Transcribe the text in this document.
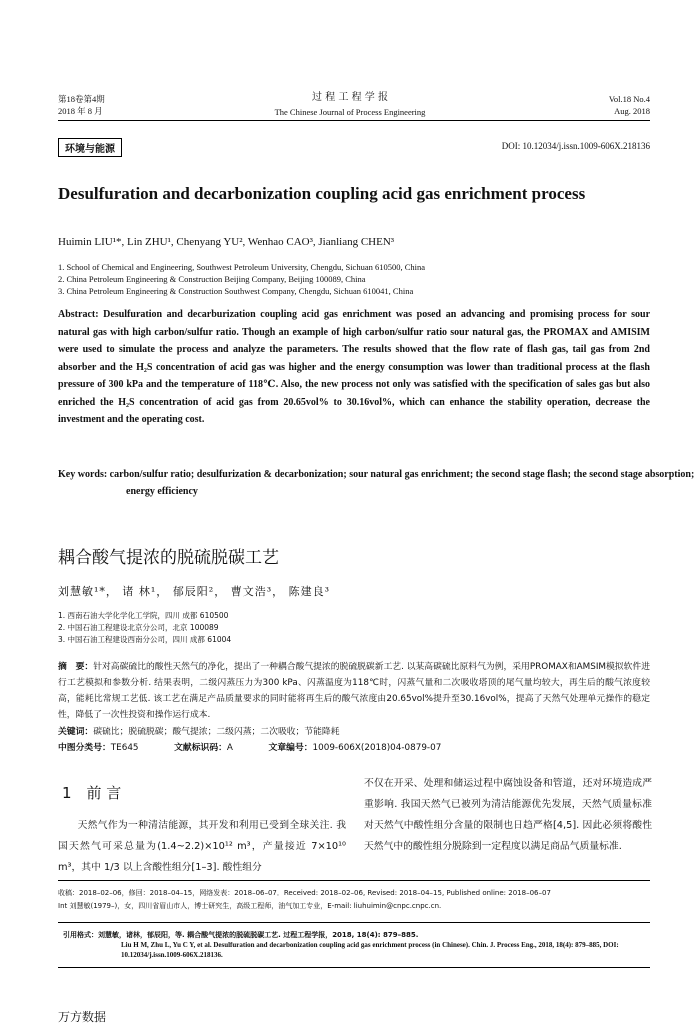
第18卷第4期
2018 年 8 月
过 程 工 程 学 报
The Chinese Journal of Process Engineering
Vol.18 No.4
Aug. 2018
环境与能源	DOI: 10.12034/j.issn.1009-606X.218136
Desulfuration and decarbonization coupling acid gas enrichment process
Huimin LIU¹*, Lin ZHU¹, Chenyang YU², Wenhao CAO³, Jianliang CHEN³
1. School of Chemical and Engineering, Southwest Petroleum University, Chengdu, Sichuan 610500, China
2. China Petroleum Engineering & Construction Beijing Company, Beijing 100089, China
3. China Petroleum Engineering & Construction Southwest Company, Chengdu, Sichuan 610041, China
Abstract: Desulfuration and decarburization coupling acid gas enrichment was posed an advancing and promising process for sour natural gas with high carbon/sulfur ratio. Though an example of high carbon/sulfur ratio sour natural gas, the PROMAX and AMISIM were used to simulate the process and analyze the parameters. The results showed that the flow rate of flash gas, tail gas from 2nd absorber and the H₂S concentration of acid gas was higher and the energy consumption was lower than traditional process at the flash pressure of 300 kPa and the temperature of 118℃. Also, the new process not only was satisfied with the specification of sales gas but also enriched the H₂S concentration of acid gas from 20.65vol% to 30.16vol%, which can enhance the stability operation, decrease the investment and the operating cost.
Key words: carbon/sulfur ratio; desulfurization & decarbonization; sour natural gas enrichment; the second stage flash; the second stage absorption; energy efficiency
耦合酸气提浓的脱硫脱碳工艺
刘慧敏¹*， 诸 林¹， 郁辰阳²， 曹文浩³， 陈建良³
1. 西南石油大学化学化工学院，四川 成都 610500
2. 中国石油工程建设北京分公司，北京 100089
3. 中国石油工程建设西南分公司，四川 成都 61004
摘　要：针对高碳硫比的酸性天然气的净化，提出了一种耦合酸气提浓的脱硫脱碳新工艺. 以某高碳硫比原料气为例，采用PROMAX和AMSIM模拟软件进行工艺模拟和参数分析. 结果表明，二级闪蒸压力为300 kPa、闪蒸温度为118℃时，闪蒸气量和二次吸收塔顶的尾气量均较大，再生后的酸气浓度较高，能耗比常规工艺低. 该工艺在满足产品质量要求的同时能将再生后的酸气浓度由20.65vol%提升至30.16vol%，提高了天然气处理单元操作的稳定性，降低了一次性投资和操作运行成本.
关键词：碳硫比；脱硫脱碳；酸气提浓；二级闪蒸；二次吸收；节能降耗
中图分类号：TE645	文献标识码：A	文章编号：1009-606X(2018)04-0879-07
1　前 言
天然气作为一种清洁能源，其开发和利用已受到全球关注. 我国天然气可采总量为(1.4~2.2)×10¹² m³，产量接近 7×10¹⁰ m³，其中 1/3 以上含酸性组分[1–3]. 酸性组分
不仅在开采、处理和储运过程中腐蚀设备和管道，还对环境造成严重影响. 我国天然气已被列为清洁能源优先发展，天然气质量标准对天然气中酸性组分含量的限制也日趋严格[4,5]. 因此必须将酸性天然气中的酸性组分脱除到一定程度以满足商品气质量标准.
收稿：2018–02–06，修回：2018–04–15，网络发表：2018–06–07．Received: 2018–02–06, Revised: 2018–04–15, Published online: 2018–06–07
Int 刘慧敏(1979–)，女，四川省眉山市人，博士研究生，高级工程师，油气加工专业，E-mail: liuhuimin@cnpc.cnpc.cn.
引用格式：刘慧敏，诸林，郁辰阳，等. 耦合酸气提浓的脱硫脱碳工艺. 过程工程学报，2018, 18(4): 879–885.
Liu H M, Zhu L, Yu C Y, et al. Desulfuration and decarbonization coupling acid gas enrichment process (in Chinese). Chin. J. Process Eng., 2018, 18(4): 879–885, DOI: 10.12034/j.issn.1009-606X.218136.
万方数据
